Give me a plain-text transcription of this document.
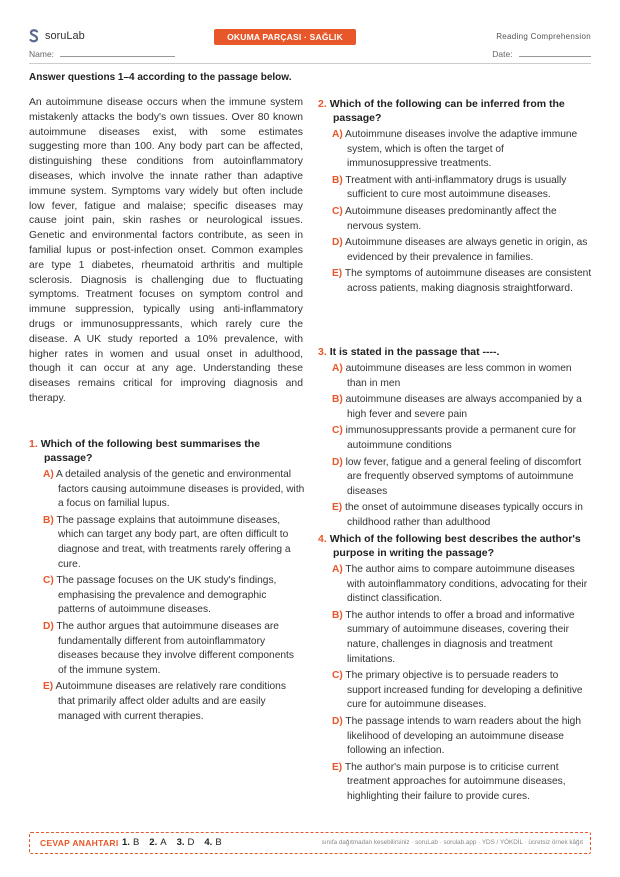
soruLab	OKUMA PARÇASI · SAĞLIK	Reading Comprehension
Name:	Date:
Answer questions 1–4 according to the passage below.
An autoimmune disease occurs when the immune system mistakenly attacks the body's own tissues. Over 80 known autoimmune diseases exist, with some estimates suggesting more than 100. Any body part can be affected, distinguishing these conditions from autoinflammatory diseases, which involve the innate rather than adaptive immune system. Symptoms vary widely but often include low fever, fatigue and malaise; specific diseases may cause joint pain, skin rashes or neurological issues. Genetic and environmental factors contribute, as seen in familial lupus or post-infection onset. Common examples are type 1 diabetes, rheumatoid arthritis and multiple sclerosis. Diagnosis is challenging due to fluctuating symptoms. Treatment focuses on symptom control and immune suppression, typically using anti-inflammatory drugs or immunosuppressants, which rarely cure the disease. A UK study reported a 10% prevalence, with higher rates in women and usual onset in adulthood, though it can occur at any age. Understanding these diseases remains critical for improving diagnosis and therapy.
1. Which of the following best summarises the passage?
A) A detailed analysis of the genetic and environmental factors causing autoimmune diseases is provided, with a focus on familial lupus.
B) The passage explains that autoimmune diseases, which can target any body part, are often difficult to diagnose and treat, with treatments rarely offering a cure.
C) The passage focuses on the UK study's findings, emphasising the prevalence and demographic patterns of autoimmune diseases.
D) The author argues that autoimmune diseases are fundamentally different from autoinflammatory diseases because they involve different components of the immune system.
E) Autoimmune diseases are relatively rare conditions that primarily affect older adults and are easily managed with current therapies.
2. Which of the following can be inferred from the passage?
A) Autoimmune diseases involve the adaptive immune system, which is often the target of immunosuppressive treatments.
B) Treatment with anti-inflammatory drugs is usually sufficient to cure most autoimmune diseases.
C) Autoimmune diseases predominantly affect the nervous system.
D) Autoimmune diseases are always genetic in origin, as evidenced by their prevalence in families.
E) The symptoms of autoimmune diseases are consistent across patients, making diagnosis straightforward.
3. It is stated in the passage that ----.
A) autoimmune diseases are less common in women than in men
B) autoimmune diseases are always accompanied by a high fever and severe pain
C) immunosuppressants provide a permanent cure for autoimmune conditions
D) low fever, fatigue and a general feeling of discomfort are frequently observed symptoms of autoimmune diseases
E) the onset of autoimmune diseases typically occurs in childhood rather than adulthood
4. Which of the following best describes the author's purpose in writing the passage?
A) The author aims to compare autoimmune diseases with autoinflammatory conditions, advocating for their distinct classification.
B) The author intends to offer a broad and informative summary of autoimmune diseases, covering their nature, challenges in diagnosis and treatment limitations.
C) The primary objective is to persuade readers to support increased funding for developing a definitive cure for autoimmune diseases.
D) The passage intends to warn readers about the high likelihood of developing an autoimmune disease following an infection.
E) The author's main purpose is to criticise current treatment approaches for autoimmune diseases, highlighting their failure to provide cures.
CEVAP ANAHTARI 1. B 2. A 3. D 4. B	sınıfa dağıtmadan kesebilirsiniz · soruLab · sorulab.app · YDS / YÖKDİL · ücretsiz örnek kâğıt
